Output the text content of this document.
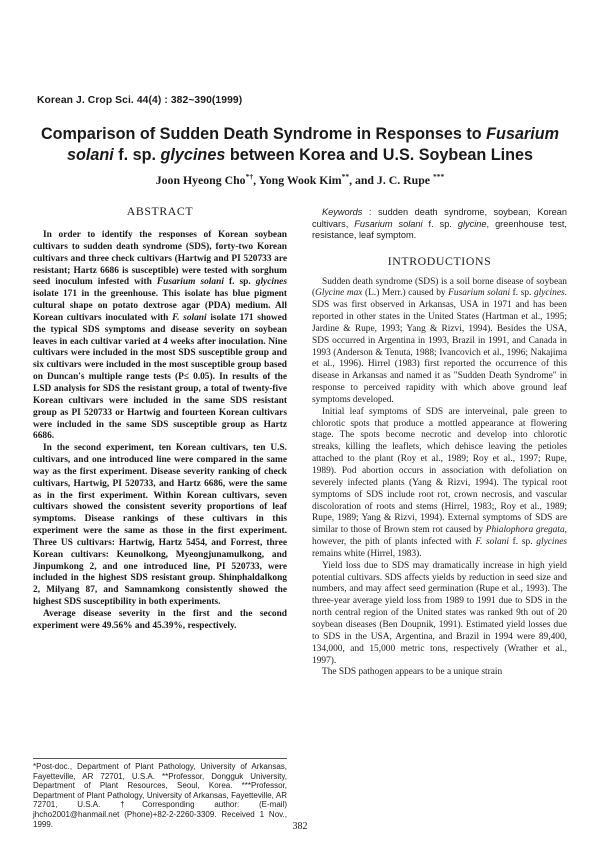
Korean J. Crop Sci. 44(4) : 382~390(1999)
Comparison of Sudden Death Syndrome in Responses to Fusarium
solani f. sp. glycines between Korea and U.S. Soybean Lines
Joon Hyeong Cho*†, Yong Wook Kim**, and J. C. Rupe ***
ABSTRACT

In order to identify the responses of Korean soybean cultivars to sudden death syndrome (SDS), forty-two Korean cultivars and three check cultivars (Hartwig and PI 520733 are resistant; Hartz 6686 is susceptible) were tested with sorghum seed inoculum infested with Fusarium solani f. sp. glycines isolate 171 in the greenhouse. This isolate has blue pigment cultural shape on potato dextrose agar (PDA) medium. All Korean cultivars inoculated with F. solani isolate 171 showed the typical SDS symptoms and disease severity on soybean leaves in each cultivar varied at 4 weeks after inoculation. Nine cultivars were included in the most SDS susceptible group and six cultivars were included in the most susceptible group based on Duncan's multiple range tests (P≤ 0.05). In results of the LSD analysis for SDS the resistant group, a total of twenty-five Korean cultivars were included in the same SDS resistant group as PI 520733 or Hartwig and fourteen Korean cultivars were included in the same SDS susceptible group as Hartz 6686.

In the second experiment, ten Korean cultivars, ten U.S. cultivars, and one introduced line were compared in the same way as the first experiment. Disease severity ranking of check cultivars, Hartwig, PI 520733, and Hartz 6686, were the same as in the first experiment. Within Korean cultivars, seven cultivars showed the consistent severity proportions of leaf symptoms. Disease rankings of these cultivars in this experiment were the same as those in the first experiment. Three US cultivars: Hartwig, Hartz 5454, and Forrest, three Korean cultivars: Keunolkong, Myeongjunamulkong, and Jinpumkong 2, and one introduced line, PI 520733, were included in the highest SDS resistant group. Shinphaldalkong 2, Milyang 87, and Samnamkong consistently showed the highest SDS susceptibility in both experiments.

Average disease severity in the first and the second experiment were 49.56% and 45.39%, respectively.

*Post-doc., Department of Plant Pathology, University of Arkansas, Fayetteville, AR 72701, U.S.A. **Professor, Dongguk University, Department of Plant Resources, Seoul, Korea. ***Professor, Department of Plant Pathology, University of Arkansas, Fayetteville, AR 72701, U.S.A. †Corresponding author: (E-mail) jhcho2001@hanmail.net (Phone)+82-2-2260-3309. Received 1 Nov., 1999.
Keywords : sudden death syndrome, soybean, Korean cultivars, Fusarium solani f. sp. glycine, greenhouse test, resistance, leaf symptom.
INTRODUCTIONS

Sudden death syndrome (SDS) is a soil borne disease of soybean (Glycine max (L.) Merr.) caused by Fusarium solani f. sp. glycines. SDS was first observed in Arkansas, USA in 1971 and has been reported in other states in the United States (Hartman et al., 1995; Jardine & Rupe, 1993; Yang & Rizvi, 1994). Besides the USA, SDS occurred in Argentina in 1993, Brazil in 1991, and Canada in 1993 (Anderson & Tenuta, 1988; Ivancovich et al., 1996; Nakajima et al., 1996). Hirrel (1983) first reported the occurrence of this disease in Arkansas and named it as "Sudden Death Syndrome" in response to perceived rapidity with which above ground leaf symptoms developed.

Initial leaf symptoms of SDS are interveinal, pale green to chlorotic spots that produce a mottled appearance at flowering stage. The spots become necrotic and develop into chlorotic streaks, killing the leaflets, which dehisce leaving the petioles attached to the plant (Roy et al., 1989; Roy et al., 1997; Rupe, 1989). Pod abortion occurs in association with defoliation on severely infected plants (Yang & Rizvi, 1994). The typical root symptoms of SDS include root rot, crown necrosis, and vascular discoloration of roots and stems (Hirrel, 1983;, Roy et al., 1989; Rupe, 1989; Yang & Rizvi, 1994). External symptoms of SDS are similar to those of Brown stem rot caused by Phialophora gregata, however, the pith of plants infected with F. solani f. sp. glycines remains white (Hirrel, 1983).

Yield loss due to SDS may dramatically increase in high yield potential cultivars. SDS affects yields by reduction in seed size and numbers, and may affect seed germination (Rupe et al., 1993). The three-year average yield loss from 1989 to 1991 due to SDS in the north central region of the United states was ranked 9th out of 20 soybean diseases (Ben Doupnik, 1991). Estimated yield losses due to SDS in the USA, Argentina, and Brazil in 1994 were 89,400, 134,000, and 15,000 metric tons, respectively (Wrather et al., 1997).

The SDS pathogen appears to be a unique strain

382
